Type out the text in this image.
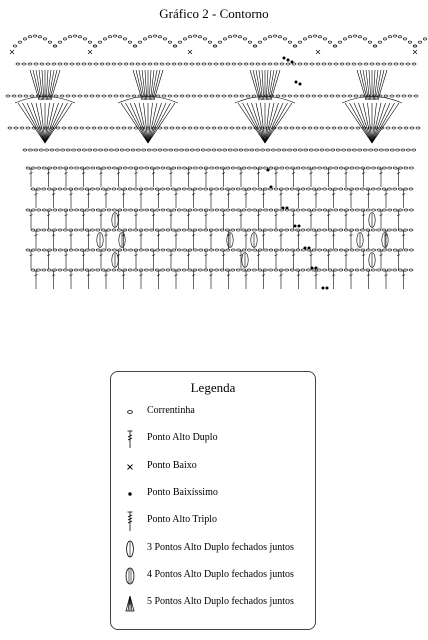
Gráfico 2 - Contorno
Legenda
Correntinha
Ponto Alto Duplo
Ponto Baixo
Ponto Baixíssimo
Ponto Alto Triplo
3 Pontos Alto Duplo fechados juntos
4 Pontos Alto Duplo fechados juntos
5 Pontos Alto Duplo fechados juntos
